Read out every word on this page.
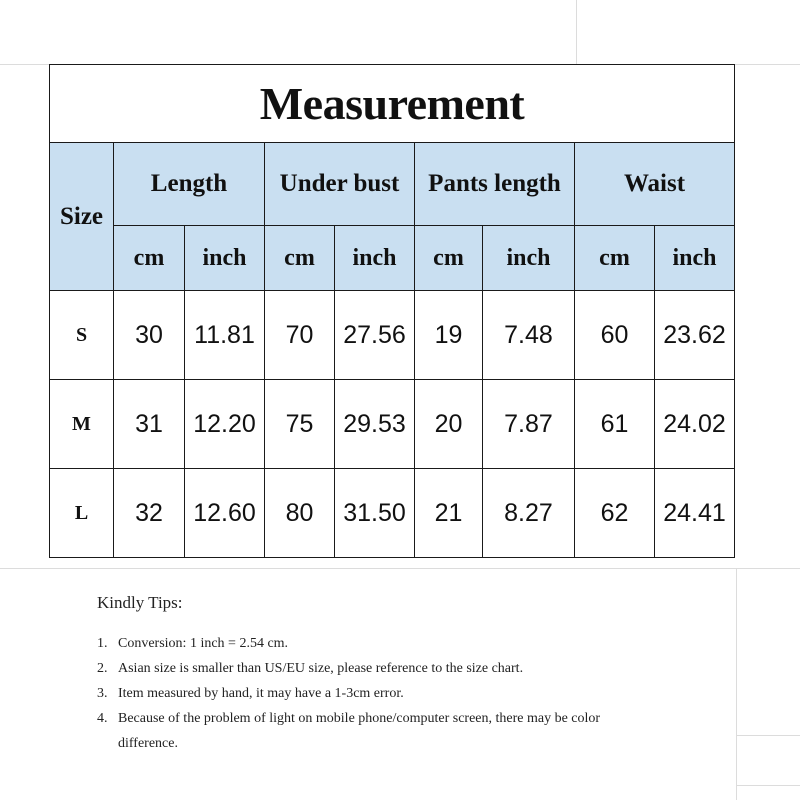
Measurement								
Size	Length		Under bust		Pants length		Waist	
	cm	inch	cm	inch	cm	inch	cm	inch
S	30	11.81	70	27.56	19	7.48	60	23.62
M	31	12.20	75	29.53	20	7.87	61	24.02
L	32	12.60	80	31.50	21	8.27	62	24.41

Kindly Tips:

1. Conversion: 1 inch = 2.54 cm.
2. Asian size is smaller than US/EU size, please reference to the size chart.
3. Item measured by hand, it may have a 1-3cm error.
4. Because of the problem of light on mobile phone/computer screen, there may be color difference.
